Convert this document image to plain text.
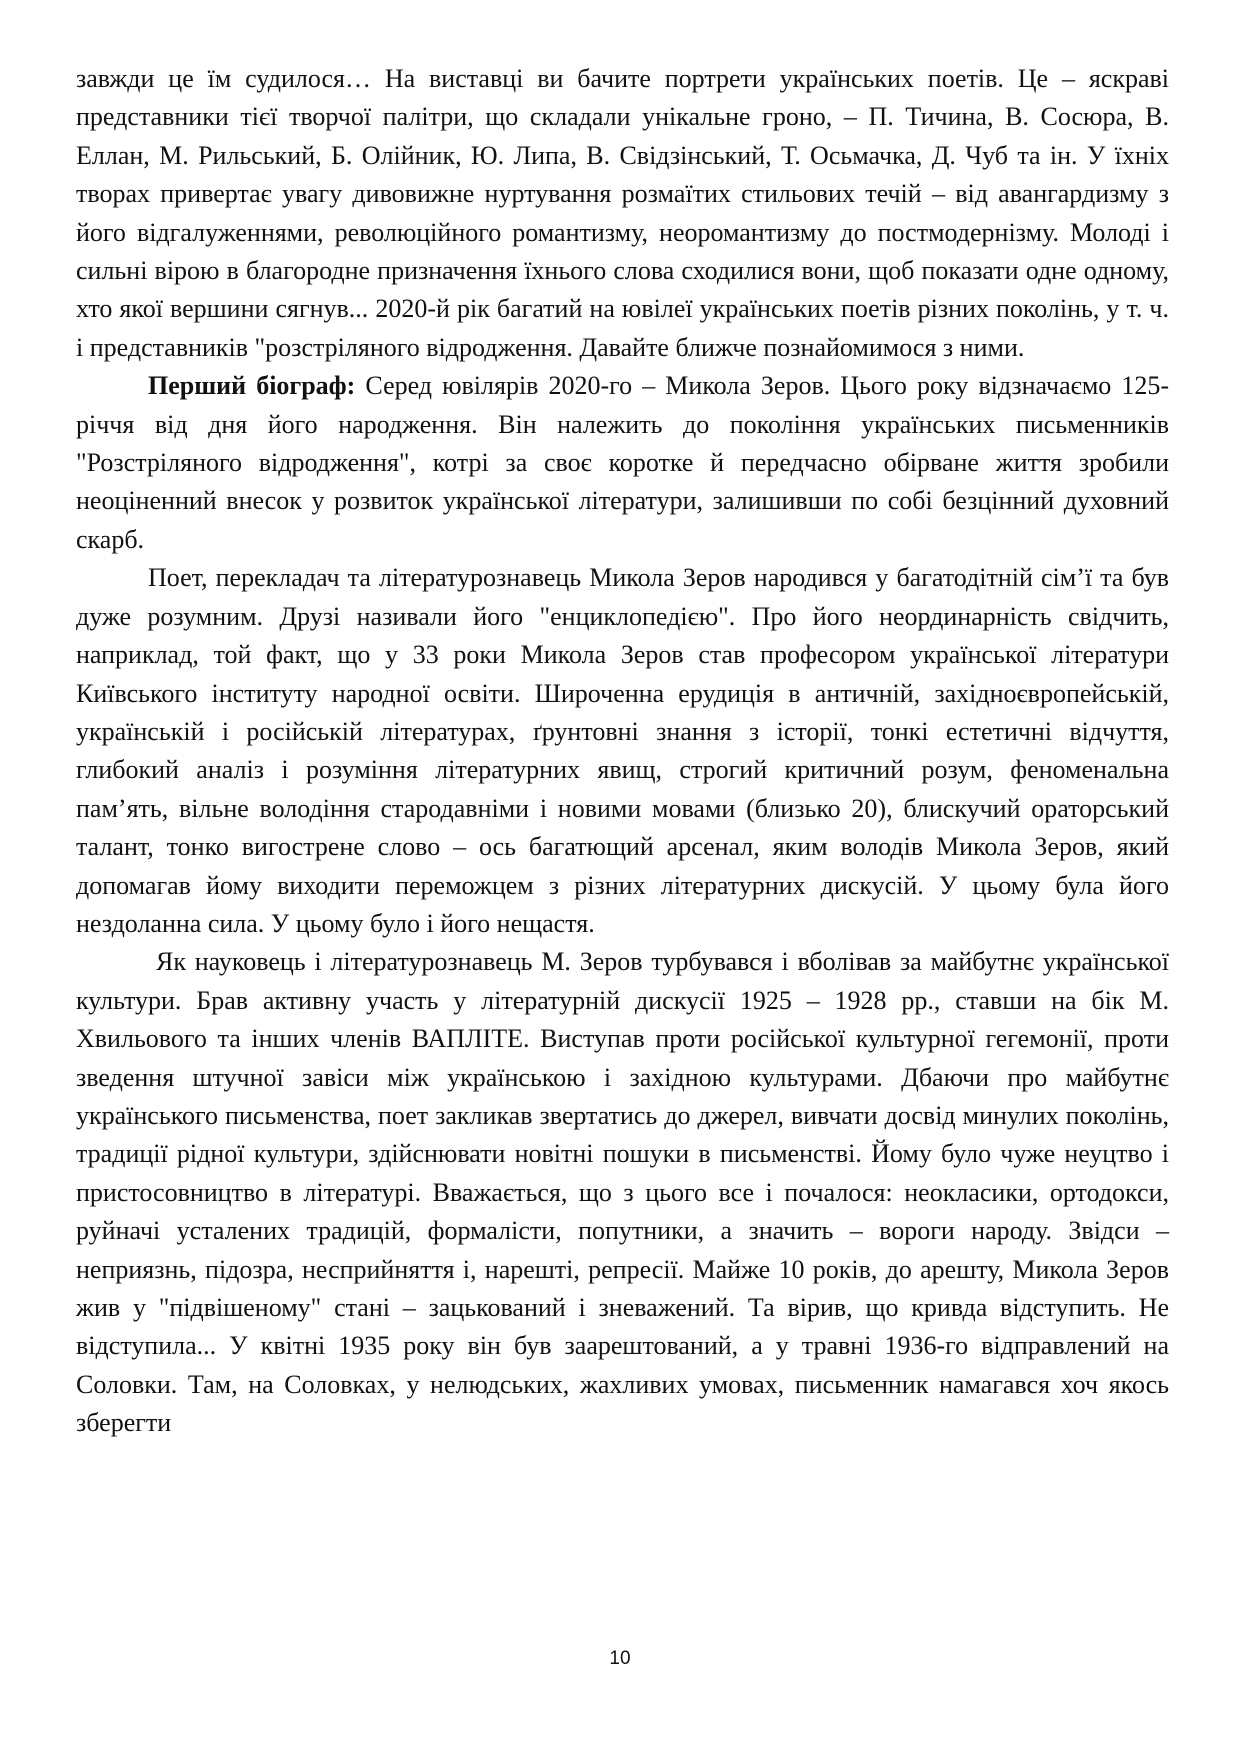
завжди це їм судилося… На виставці ви бачите портрети українських поетів. Це – яскраві представники тієї творчої палітри, що складали унікальне гроно, – П. Тичина, В. Сосюра, В. Еллан, М. Рильський, Б. Олійник, Ю. Липа, В. Свідзінський, Т. Осьмачка, Д. Чуб та ін. У їхніх творах привертає увагу дивовижне нуртування розмаїтих стильових течій – від авангардизму з його відгалуженнями, революційного романтизму, неоромантизму до постмодернізму. Молоді і сильні вірою в благородне призначення їхнього слова сходилися вони, щоб показати одне одному, хто якої вершини сягнув... 2020-й рік багатий на ювілеї українських поетів різних поколінь, у т. ч. і представників "розстріляного відродження. Давайте ближче познайомимося з ними.

Перший біограф: Серед ювілярів 2020-го – Микола Зеров. Цього року відзначаємо 125-річчя від дня його народження. Він належить до покоління українських письменників "Розстріляного відродження", котрі за своє коротке й передчасно обірване життя зробили неоціненний внесок у розвиток української літератури, залишивши по собі безцінний духовний скарб.

Поет, перекладач та літературознавець Микола Зеров народився у багатодітній сім’ї та був дуже розумним. Друзі називали його "енциклопедією". Про його неординарність свідчить, наприклад, той факт, що у 33 роки Микола Зеров став професором української літератури Київського інституту народної освіти. Широченна ерудиція в античній, західноєвропейській, українській і російській літературах, ґрунтовні знання з історії, тонкі естетичні відчуття, глибокий аналіз і розуміння літературних явищ, строгий критичний розум, феноменальна пам’ять, вільне володіння стародавніми і новими мовами (близько 20), блискучий ораторський талант, тонко вигострене слово – ось багатющий арсенал, яким володів Микола Зеров, який допомагав йому виходити переможцем з різних літературних дискусій. У цьому була його нездоланна сила. У цьому було і його нещастя.

Як науковець і літературознавець М. Зеров турбувався і вболівав за майбутнє української культури. Брав активну участь у літературній дискусії 1925 – 1928 рр., ставши на бік М. Хвильового та інших членів ВАПЛІТЕ. Виступав проти російської культурної гегемонії, проти зведення штучної завіси між українською і західною культурами. Дбаючи про майбутнє українського письменства, поет закликав звертатись до джерел, вивчати досвід минулих поколінь, традиції рідної культури, здійснювати новітні пошуки в письменстві. Йому було чуже неуцтво і пристосовництво в літературі. Вважається, що з цього все і почалося: неокласики, ортодокси, руйначі усталених традицій, формалісти, попутники, а значить – вороги народу. Звідси – неприязнь, підозра, несприйняття і, нарешті, репресії. Майже 10 років, до арешту, Микола Зеров жив у "підвішеному" стані – зацькований і зневажений. Та вірив, що кривда відступить. Не відступила... У квітні 1935 року він був заарештований, а у травні 1936-го відправлений на Соловки. Там, на Соловках, у нелюдських, жахливих умовах, письменник намагався хоч якось зберегти

10
